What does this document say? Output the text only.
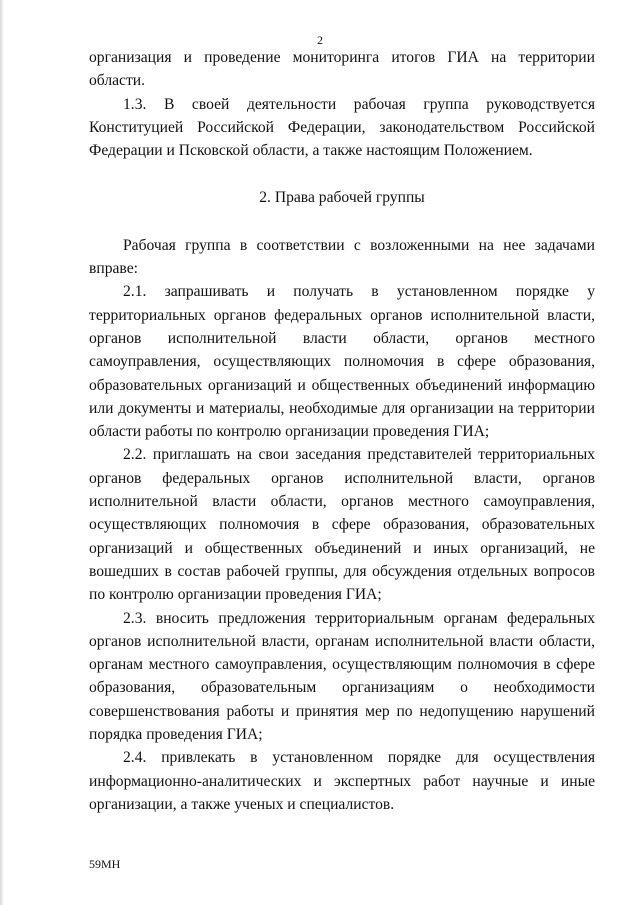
2

организация и проведение мониторинга итогов ГИА на территории области.

1.3. В своей деятельности рабочая группа руководствуется Конституцией Российской Федерации, законодательством Российской Федерации и Псковской области, а также настоящим Положением.

2. Права рабочей группы

Рабочая группа в соответствии с возложенными на нее задачами вправе:

2.1. запрашивать и получать в установленном порядке у территориальных органов федеральных органов исполнительной власти, органов исполнительной власти области, органов местного самоуправления, осуществляющих полномочия в сфере образования, образовательных организаций и общественных объединений информацию или документы и материалы, необходимые для организации на территории области работы по контролю организации проведения ГИА;

2.2. приглашать на свои заседания представителей территориальных органов федеральных органов исполнительной власти, органов исполнительной власти области, органов местного самоуправления, осуществляющих полномочия в сфере образования, образовательных организаций и общественных объединений и иных организаций, не вошедших в состав рабочей группы, для обсуждения отдельных вопросов по контролю организации проведения ГИА;

2.3. вносить предложения территориальным органам федеральных органов исполнительной власти, органам исполнительной власти области, органам местного самоуправления, осуществляющим полномочия в сфере образования, образовательным организациям о необходимости совершенствования работы и принятия мер по недопущению нарушений порядка проведения ГИА;

2.4. привлекать в установленном порядке для осуществления информационно-аналитических и экспертных работ научные и иные организации, а также ученых и специалистов.

59МН
